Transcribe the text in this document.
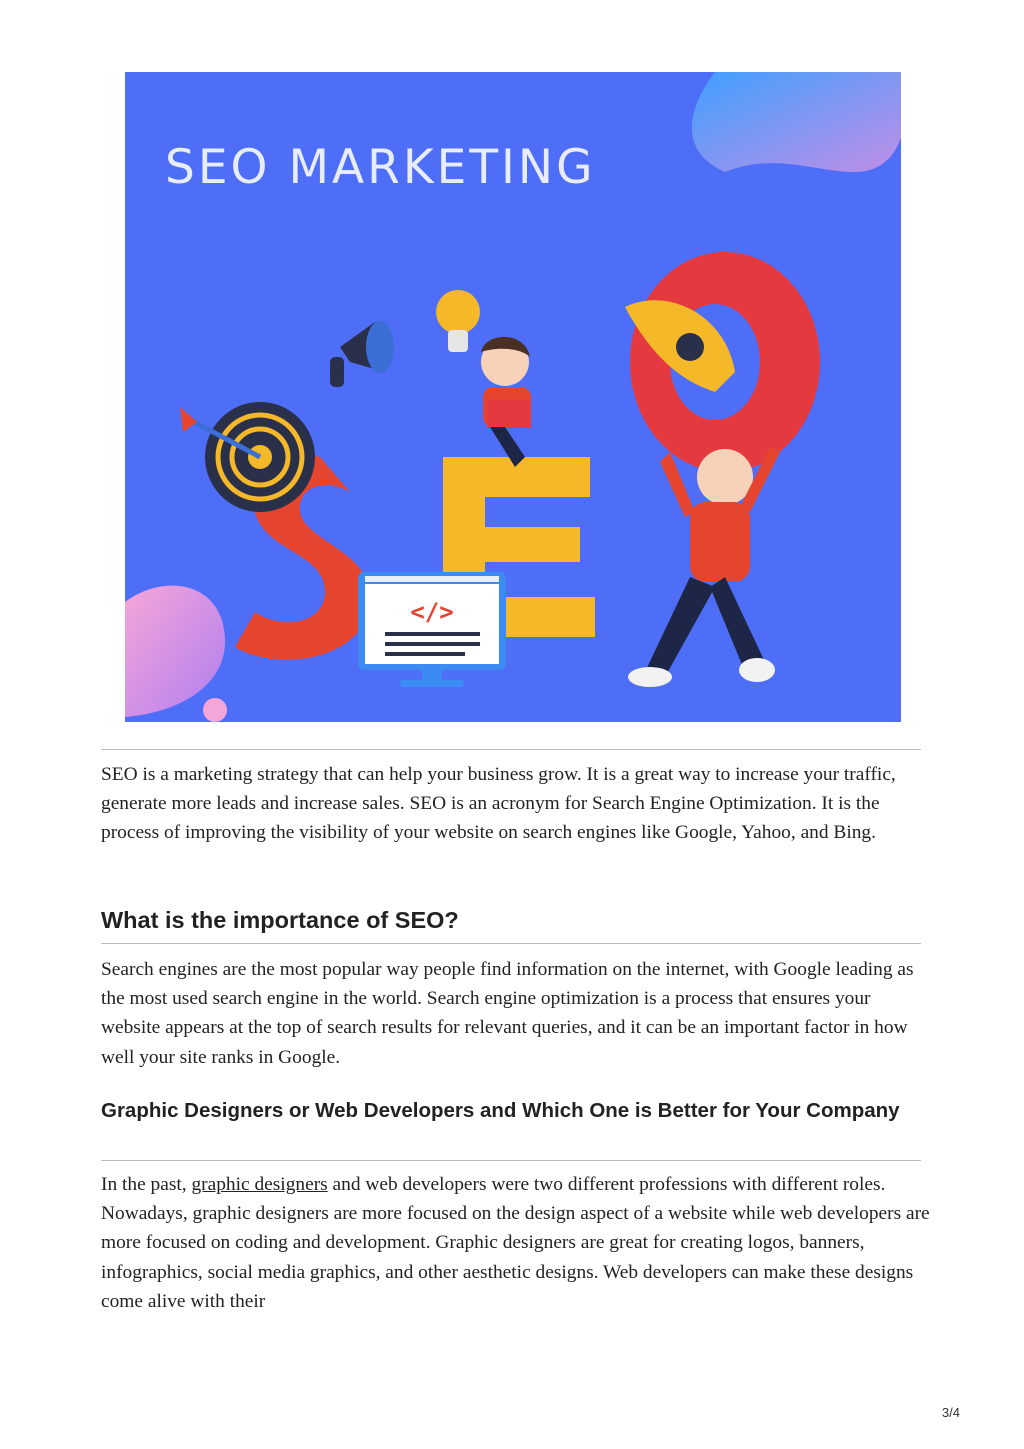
</>
SEO MARKETING

SEO is a marketing strategy that can help your business grow. It is a great way to increase your traffic, generate more leads and increase sales. SEO is an acronym for Search Engine Optimization. It is the process of improving the visibility of your website on search engines like Google, Yahoo, and Bing.

What is the importance of SEO?

Search engines are the most popular way people find information on the internet, with Google leading as the most used search engine in the world. Search engine optimization is a process that ensures your website appears at the top of search results for relevant queries, and it can be an important factor in how well your site ranks in Google.

Graphic Designers or Web Developers and Which One is Better for Your Company

In the past, graphic designers and web developers were two different professions with different roles. Nowadays, graphic designers are more focused on the design aspect of a website while web developers are more focused on coding and development. Graphic designers are great for creating logos, banners, infographics, social media graphics, and other aesthetic designs. Web developers can make these designs come alive with their

3/4
